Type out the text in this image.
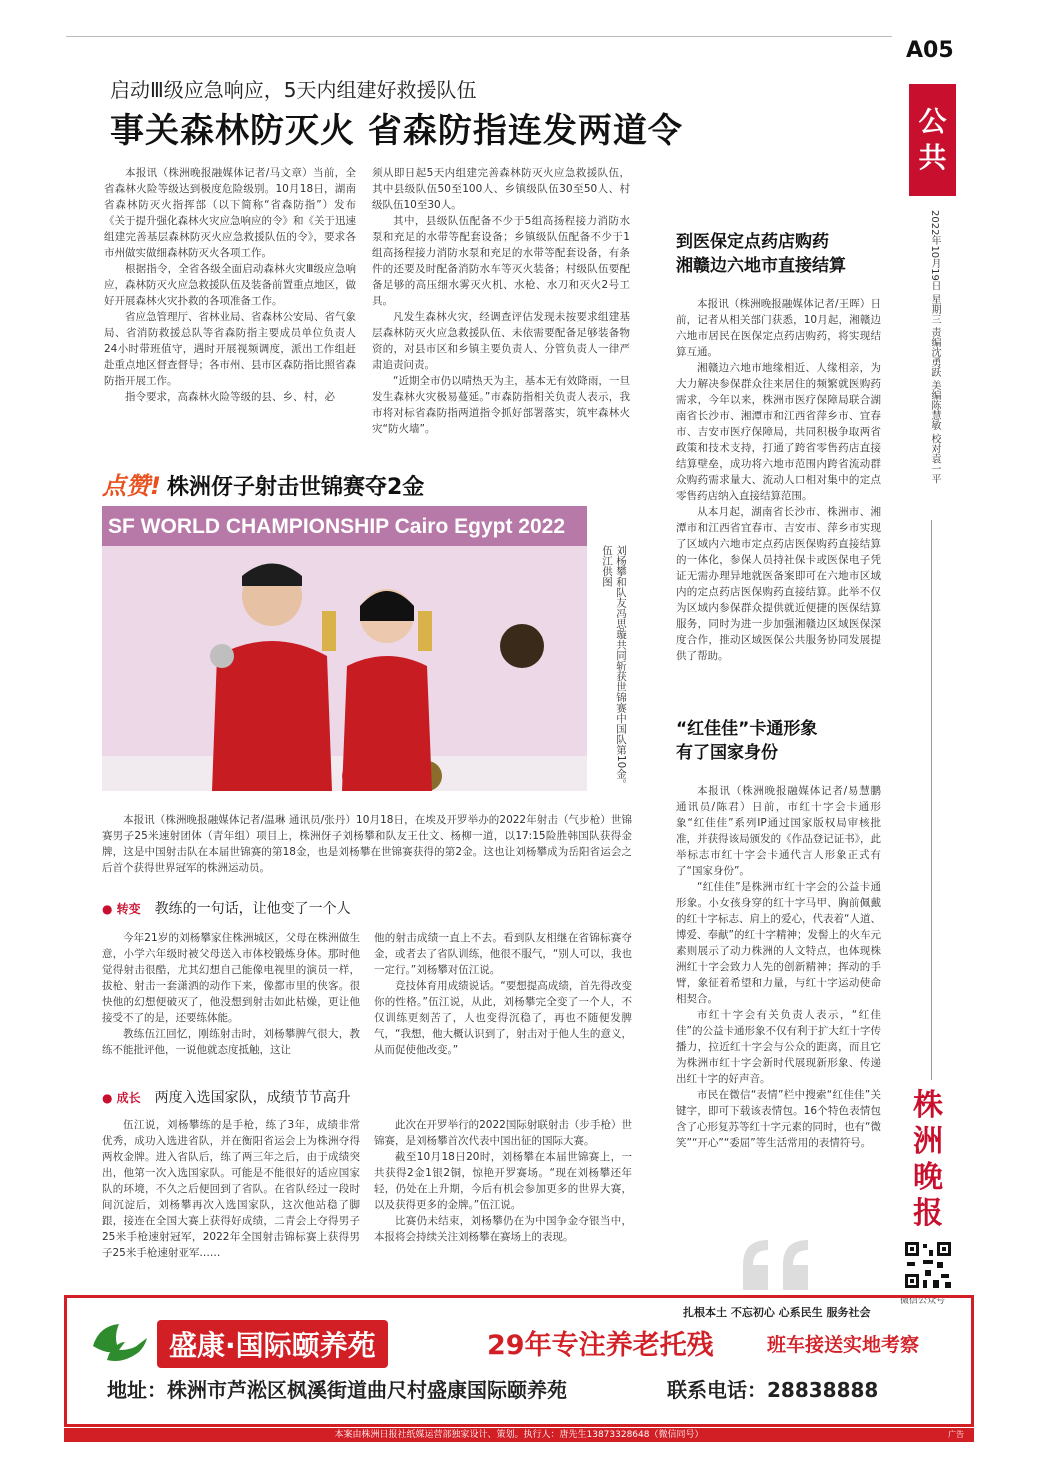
A05
公
共
2022年10月19日 星期三 责编沈勇跃 美编陈慧敏 校对袁一平
启动Ⅲ级应急响应，5天内组建好救援队伍
事关森林防灭火 省森防指连发两道令

本报讯（株洲晚报融媒体记者/马文章）当前，全省森林火险等级达到极度危险级别。10月18日，湖南省森林防灭火指挥部（以下简称“省森防指”）发布《关于提升强化森林火灾应急响应的令》和《关于迅速组建完善基层森林防灭火应急救援队伍的令》，要求各市州做实做细森林防灭火各项工作。

根据指令，全省各级全面启动森林火灾Ⅲ级应急响应，森林防灭火应急救援队伍及装备前置重点地区，做好开展森林火灾扑救的各项准备工作。

省应急管理厅、省林业局、省森林公安局、省气象局、省消防救援总队等省森防指主要成员单位负责人24小时带班值守，遇时开展视频调度，派出工作组赶赴重点地区督查督导；各市州、县市区森防指比照省森防指开展工作。

指令要求，高森林火险等级的县、乡、村，必

须从即日起5天内组建完善森林防灭火应急救援队伍，其中县级队伍50至100人、乡镇级队伍30至50人、村级队伍10至30人。

其中，县级队伍配备不少于5组高扬程接力消防水泵和充足的水带等配套设备；乡镇级队伍配备不少于1组高扬程接力消防水泵和充足的水带等配套设备，有条件的还要及时配备消防水车等灭火装备；村级队伍要配备足够的高压细水雾灭火机、水枪、水刀和灭火2号工具。

凡发生森林火灾，经调查评估发现未按要求组建基层森林防灭火应急救援队伍、未依需要配备足够装备物资的，对县市区和乡镇主要负责人、分管负责人一律严肃追责问责。

“近期全市仍以晴热天为主，基本无有效降雨，一旦发生森林火灾极易蔓延。”市森防指相关负责人表示，我市将对标省森防指两道指令抓好部署落实，筑牢森林火灾“防火墙”。

到医保定点药店购药
湘赣边六地市直接结算

本报讯（株洲晚报融媒体记者/王晖）日前，记者从相关部门获悉，10月起，湘赣边六地市居民在医保定点药店购药，将实现结算互通。

湘赣边六地市地缘相近、人缘相亲，为大力解决参保群众往来居住的频繁就医购药需求，今年以来，株洲市医疗保障局联合湖南省长沙市、湘潭市和江西省萍乡市、宜春市、吉安市医疗保障局，共同积极争取两省政策和技术支持，打通了跨省零售药店直接结算壁垒，成功将六地市范围内跨省流动群众购药需求量大、流动人口相对集中的定点零售药店纳入直接结算范围。

从本月起，湖南省长沙市、株洲市、湘潭市和江西省宜春市、吉安市、萍乡市实现了区域内六地市定点药店医保购药直接结算的一体化，参保人员持社保卡或医保电子凭证无需办理异地就医备案即可在六地市区域内的定点药店医保购药直接结算。此举不仅为区域内参保群众提供就近便捷的医保结算服务，同时为进一步加强湘赣边区域医保深度合作，推动区域医保公共服务协同发展提供了帮助。

“红佳佳”卡通形象
有了国家身份

本报讯（株洲晚报融媒体记者/易慧鹏 通讯员/陈君）日前，市红十字会卡通形象“红佳佳”系列IP通过国家版权局审核批准，并获得该局颁发的《作品登记证书》，此举标志市红十字会卡通代言人形象正式有了“国家身份”。

“红佳佳”是株洲市红十字会的公益卡通形象。小女孩身穿的红十字马甲、胸前佩戴的红十字标志、肩上的爱心，代表着“人道、博爱、奉献”的红十字精神；发髻上的火车元素则展示了动力株洲的人文特点，也体现株洲红十字会致力人先的创新精神；挥动的手臂，象征着希望和力量，与红十字运动使命相契合。

市红十字会有关负责人表示，“红佳佳”的公益卡通形象不仅有利于扩大红十字传播力，拉近红十字会与公众的距离，而且它为株洲市红十字会新时代展现新形象、传递出红十字的好声音。

市民在微信“表情”栏中搜索“红佳佳”关键字，即可下载该表情包。16个特色表情包含了心形复苏等红十字元素的同时，也有“微笑”“开心”“委屈”等生活常用的表情符号。

点赞! 株洲伢子射击世锦赛夺2金
SF WORLD CHAMPIONSHIP Cairo Egypt 2022
刘杨攀和队友冯思璇共同斩获世锦赛中国队第10金。伍江供图

本报讯（株洲晚报融媒体记者/温琳 通讯员/张丹）10月18日，在埃及开罗举办的2022年射击（气步枪）世锦赛男子25米速射团体（青年组）项目上，株洲伢子刘杨攀和队友王仕文、杨柳一道，以17:15险胜韩国队获得金牌，这是中国射击队在本届世锦赛的第18金，也是刘杨攀在世锦赛获得的第2金。这也让刘杨攀成为岳阳省运会之后首个获得世界冠军的株洲运动员。

● 转变 教练的一句话，让他变了一个人

今年21岁的刘杨攀家住株洲城区，父母在株洲做生意，小学六年级时被父母送入市体校锻炼身体。那时他觉得射击很酷，尤其幻想自己能像电视里的演员一样，拔枪、射击一套潇洒的动作下来，像都市里的侠客。很快他的幻想便破灭了，他没想到射击如此枯燥，更让他接受不了的是，还要练体能。

教练伍江回忆，刚练射击时，刘杨攀脾气很大，教练不能批评他，一说他就态度抵触，这让

他的射击成绩一直上不去。看到队友相继在省锦标赛夺金，或者去了省队训练，他很不服气，“别人可以，我也一定行。”刘杨攀对伍江说。

竞技体育用成绩说话。“要想提高成绩，首先得改变你的性格。”伍江说，从此，刘杨攀完全变了一个人，不仅训练更刻苦了，人也变得沉稳了，再也不随便发脾气，“我想，他大概认识到了，射击对于他人生的意义，从而促使他改变。”

● 成长 两度入选国家队，成绩节节高升

伍江说，刘杨攀练的是手枪，练了3年，成绩非常优秀，成功入选进省队，并在衡阳省运会上为株洲夺得两枚金牌。进入省队后，练了两三年之后，由于成绩突出，他第一次入选国家队。可能是不能很好的适应国家队的环境，不久之后便回到了省队。在省队经过一段时间沉淀后，刘杨攀再次入选国家队，这次他站稳了脚跟，接连在全国大赛上获得好成绩，二青会上夺得男子25米手枪速射冠军，2022年全国射击锦标赛上获得男子25米手枪速射亚军……

此次在开罗举行的2022国际射联射击（步手枪）世锦赛，是刘杨攀首次代表中国出征的国际大赛。

截至10月18日20时，刘杨攀在本届世锦赛上，一共获得2金1银2铜，惊艳开罗赛场。“现在刘杨攀还年轻，仍处在上升期，今后有机会参加更多的世界大赛，以及获得更多的金牌。”伍江说。

比赛仍未结束，刘杨攀仍在为中国争金夺银当中，本报将会持续关注刘杨攀在赛场上的表现。

株
洲
晚
报
微信公众号
扎根本土 不忘初心 心系民生 服务社会
盛康·国际颐养苑	29年专注养老托残	班车接送实地考察
地址：株洲市芦淞区枫溪街道曲尺村盛康国际颐养苑	联系电话：28838888
本案由株洲日报社纸媒运营部独家设计、策划。执行人：唐先生13873328648（微信同号）	广告
